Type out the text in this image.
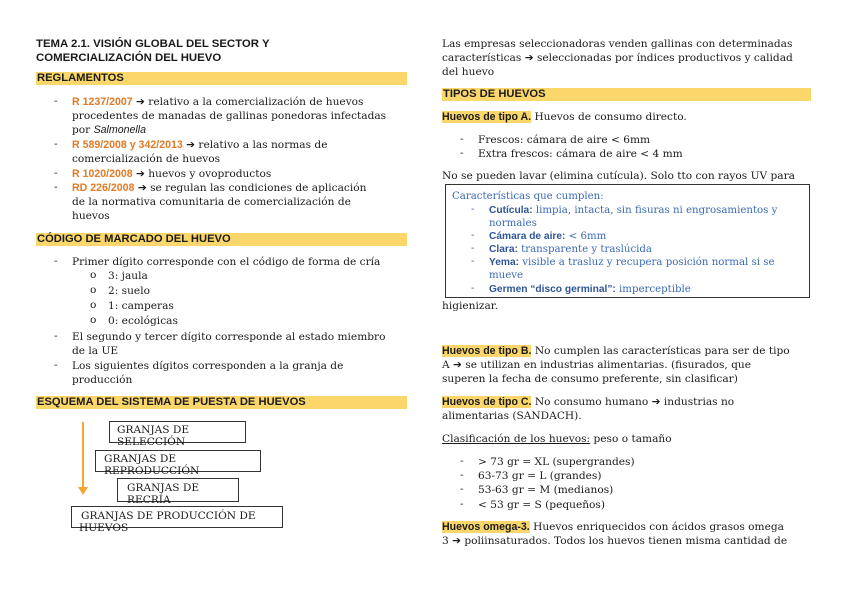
TEMA 2.1. VISIÓN GLOBAL DEL SECTOR Y
COMERCIALIZACIÓN DEL HUEVO
REGLAMENTOS
- R 1237/2007 ➔ relativo a la comercialización de huevos
procedentes de manadas de gallinas ponedoras infectadas
por Salmonella
- R 589/2008 y 342/2013 ➔ relativo a las normas de
comercialización de huevos
- R 1020/2008 ➔ huevos y ovoproductos
- RD 226/2008 ➔ se regulan las condiciones de aplicación
de la normativa comunitaria de comercialización de
huevos
CÓDIGO DE MARCADO DEL HUEVO
- Primer dígito corresponde con el código de forma de cría
o 3: jaula
o 2: suelo
o 1: camperas
o 0: ecológicas
- El segundo y tercer dígito corresponde al estado miembro
de la UE
- Los siguientes dígitos corresponden a la granja de
producción
ESQUEMA DEL SISTEMA DE PUESTA DE HUEVOS
GRANJAS DE
SELECCIÓN
GRANJAS DE
REPRODUCCIÓN
GRANJAS DE
RECRÍA
GRANJAS DE PRODUCCIÓN DE
HUEVOS
Las empresas seleccionadoras venden gallinas con determinadas
características ➔ seleccionadas por índices productivos y calidad
del huevo
TIPOS DE HUEVOS
Huevos de tipo A. Huevos de consumo directo.
- Frescos: cámara de aire < 6mm
- Extra frescos: cámara de aire < 4 mm
No se pueden lavar (elimina cutícula). Solo tto con rayos UV para
Características que cumplen:
- Cutícula: limpia, intacta, sin fisuras ni engrosamientos y
normales
- Cámara de aire: < 6mm
- Clara: transparente y traslúcida
- Yema: visible a trasluz y recupera posición normal si se
mueve
- Germen “disco germinal”: imperceptible
higienizar.
Huevos de tipo B. No cumplen las características para ser de tipo
A ➔ se utilizan en industrias alimentarias. (fisurados, que
superen la fecha de consumo preferente, sin clasificar)
Huevos de tipo C. No consumo humano ➔ industrias no
alimentarias (SANDACH).
Clasificación de los huevos: peso o tamaño
- > 73 gr = XL (supergrandes)
- 63-73 gr = L (grandes)
- 53-63 gr = M (medianos)
- < 53 gr = S (pequeños)
Huevos omega-3. Huevos enriquecidos con ácidos grasos omega
3 ➔ poliinsaturados. Todos los huevos tienen misma cantidad de
